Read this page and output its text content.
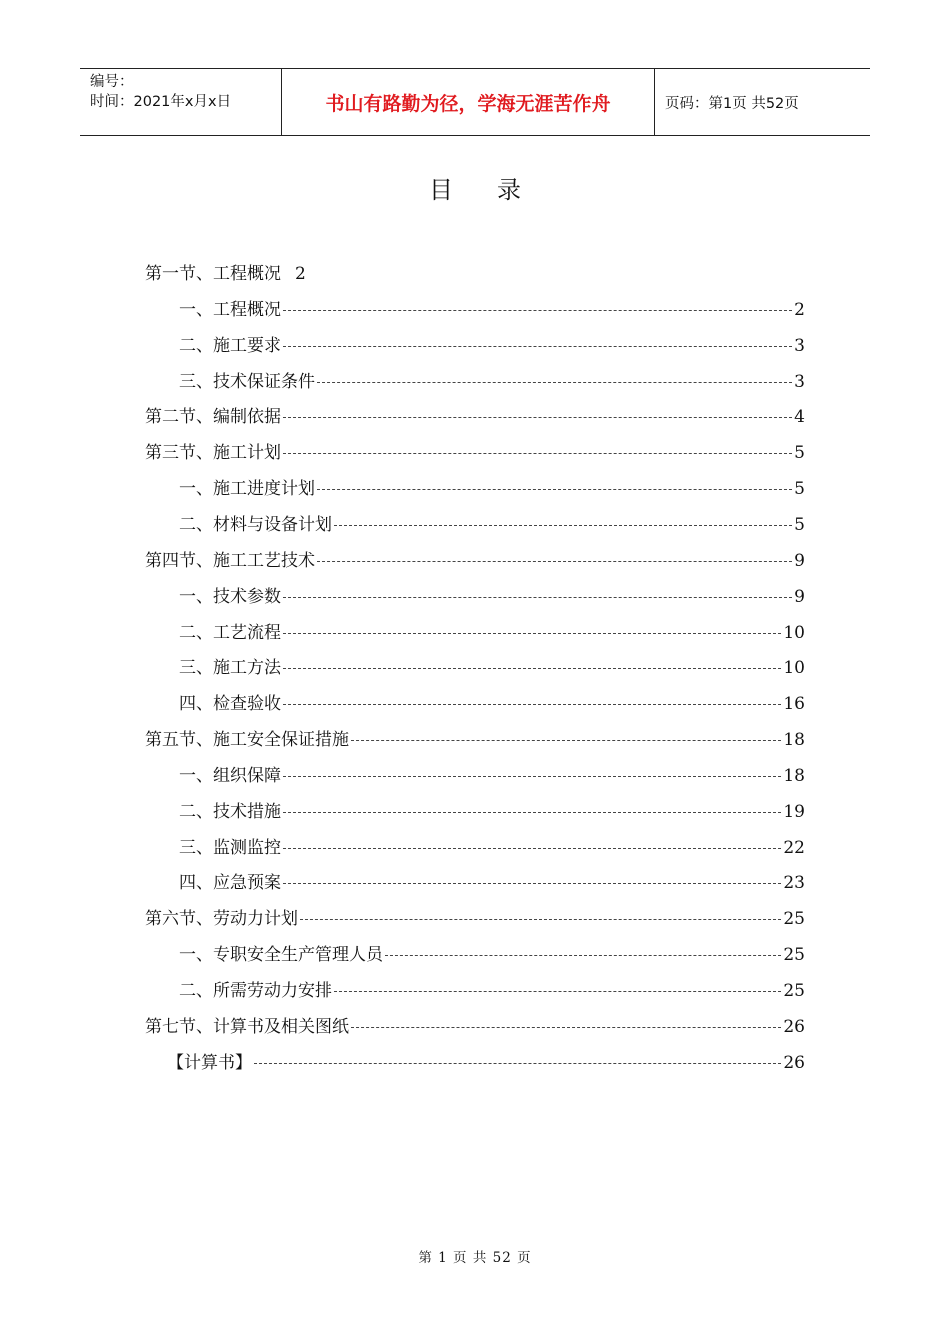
编号：
时间：2021年x月x日	书山有路勤为径，学海无涯苦作舟	页码：第1页 共52页
目录
第一节、工程概况 2
一、工程概况	2
二、施工要求	3
三、技术保证条件	3
第二节、编制依据	4
第三节、施工计划	5
一、施工进度计划	5
二、材料与设备计划	5
第四节、施工工艺技术	9
一、技术参数	9
二、工艺流程	10
三、施工方法	10
四、检查验收	16
第五节、施工安全保证措施	18
一、组织保障	18
二、技术措施	19
三、监测监控	22
四、应急预案	23
第六节、劳动力计划	25
一、专职安全生产管理人员	25
二、所需劳动力安排	25
第七节、计算书及相关图纸	26
【计算书】	26
第 1 页 共 52 页
